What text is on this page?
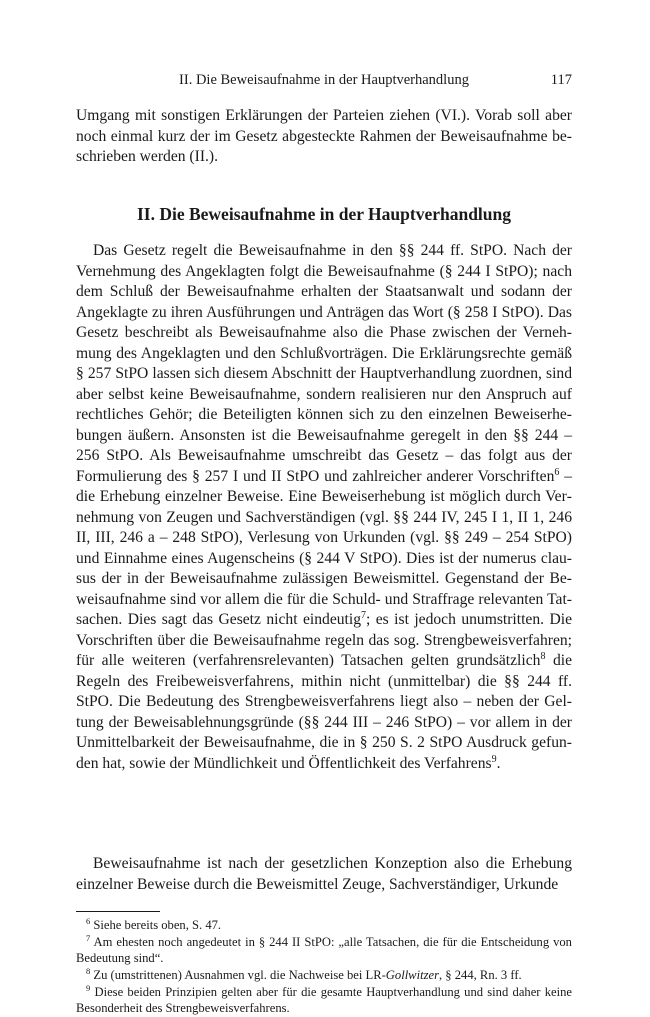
II. Die Beweisaufnahme in der Hauptverhandlung	117

Umgang mit sonstigen Erklärungen der Parteien ziehen (VI.). Vorab soll aber noch einmal kurz der im Gesetz abgesteckte Rahmen der Beweisaufnahme beschrieben werden (II.).

II. Die Beweisaufnahme in der Hauptverhandlung

Das Gesetz regelt die Beweisaufnahme in den §§ 244 ff. StPO. Nach der Vernehmung des Angeklagten folgt die Beweisaufnahme (§ 244 I StPO); nach dem Schluß der Beweisaufnahme erhalten der Staatsanwalt und sodann der Angeklagte zu ihren Ausführungen und Anträgen das Wort (§ 258 I StPO). Das Gesetz beschreibt als Beweisaufnahme also die Phase zwischen der Vernehmung des Angeklagten und den Schlußvorträgen. Die Erklärungsrechte gemäß § 257 StPO lassen sich diesem Abschnitt der Hauptverhandlung zuordnen, sind aber selbst keine Beweisaufnahme, sondern realisieren nur den Anspruch auf rechtliches Gehör; die Beteiligten können sich zu den einzelnen Beweiserhebungen äußern. Ansonsten ist die Beweisaufnahme geregelt in den §§ 244 – 256 StPO. Als Beweisaufnahme umschreibt das Gesetz – das folgt aus der Formulierung des § 257 I und II StPO und zahlreicher anderer Vorschriften$^6$ – die Erhebung einzelner Beweise. Eine Beweiserhebung ist möglich durch Vernehmung von Zeugen und Sachverständigen (vgl. §§ 244 IV, 245 I 1, II 1, 246 II, III, 246 a – 248 StPO), Verlesung von Urkunden (vgl. §§ 249 – 254 StPO) und Einnahme eines Augenscheins (§ 244 V StPO). Dies ist der numerus clausus der in der Beweisaufnahme zulässigen Beweismittel. Gegenstand der Beweisaufnahme sind vor allem die für die Schuld- und Straffrage relevanten Tatsachen. Dies sagt das Gesetz nicht eindeutig$^7$; es ist jedoch unumstritten. Die Vorschriften über die Beweisaufnahme regeln das sog. Strengbeweisverfahren; für alle weiteren (verfahrensrelevanten) Tatsachen gelten grundsätzlich$^8$ die Regeln des Freibeweisverfahrens, mithin nicht (unmittelbar) die §§ 244 ff. StPO. Die Bedeutung des Strengbeweisverfahrens liegt also – neben der Geltung der Beweisablehnungsgründe (§§ 244 III – 246 StPO) – vor allem in der Unmittelbarkeit der Beweisaufnahme, die in § 250 S. 2 StPO Ausdruck gefunden hat, sowie der Mündlichkeit und Öffentlichkeit des Verfahrens$^9$.

Beweisaufnahme ist nach der gesetzlichen Konzeption also die Erhebung einzelner Beweise durch die Beweismittel Zeuge, Sachverständiger, Urkunde

$^6$ Siehe bereits oben, S. 47.

$^7$ Am ehesten noch angedeutet in § 244 II StPO: „alle Tatsachen, die für die Entscheidung von Bedeutung sind“.

$^8$ Zu (umstrittenen) Ausnahmen vgl. die Nachweise bei LR-Gollwitzer, § 244, Rn. 3 ff.

$^9$ Diese beiden Prinzipien gelten aber für die gesamte Hauptverhandlung und sind daher keine Besonderheit des Strengbeweisverfahrens.
